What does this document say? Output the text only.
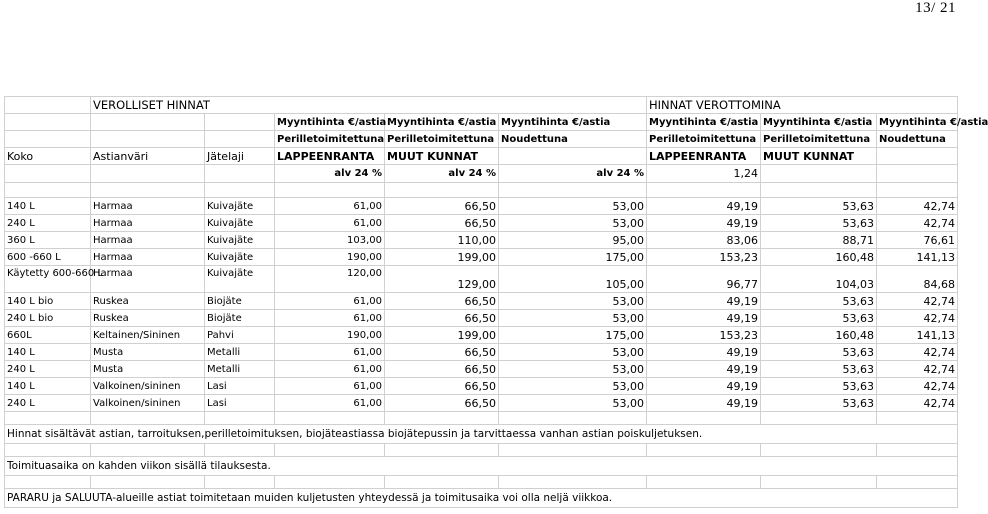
13/ 21
	VEROLLISET HINNAT					HINNAT VEROTTOMINA		
			Myyntihinta €/astia	Myyntihinta €/astia	Myyntihinta €/astia	Myyntihinta €/astia	Myyntihinta €/astia	Myyntihinta €/astia
			Perilletoimitettuna	Perilletoimitettuna	Noudettuna	Perilletoimitettuna	Perilletoimitettuna	Noudettuna
Koko	Astianväri	Jätelaji	LAPPEENRANTA	MUUT KUNNAT		LAPPEENRANTA	MUUT KUNNAT	
			alv 24 %	alv 24 %	alv 24 %	1,24		

140 L	Harmaa	Kuivajäte	61,00	66,50	53,00	49,19	53,63	42,74
240 L	Harmaa	Kuivajäte	61,00	66,50	53,00	49,19	53,63	42,74
360 L	Harmaa	Kuivajäte	103,00	110,00	95,00	83,06	88,71	76,61
600 -660 L	Harmaa	Kuivajäte	190,00	199,00	175,00	153,23	160,48	141,13
Käytetty 600-660 L	Harmaa	Kuivajäte	120,00	129,00	105,00	96,77	104,03	84,68
140 L bio	Ruskea	Biojäte	61,00	66,50	53,00	49,19	53,63	42,74
240 L bio	Ruskea	Biojäte	61,00	66,50	53,00	49,19	53,63	42,74
660L	Keltainen/Sininen	Pahvi	190,00	199,00	175,00	153,23	160,48	141,13
140 L	Musta	Metalli	61,00	66,50	53,00	49,19	53,63	42,74
240 L	Musta	Metalli	61,00	66,50	53,00	49,19	53,63	42,74
140 L	Valkoinen/sininen	Lasi	61,00	66,50	53,00	49,19	53,63	42,74
240 L	Valkoinen/sininen	Lasi	61,00	66,50	53,00	49,19	53,63	42,74

Hinnat sisältävät astian, tarroituksen,perilletoimituksen, biojäteastiassa biojätepussin ja tarvittaessa vanhan astian poiskuljetuksen.								

Toimituasaika on kahden viikon sisällä tilauksesta.								

PARARU ja SALUUTA-alueille astiat toimitetaan muiden kuljetusten yhteydessä ja toimitusaika voi olla neljä viikkoa.								
